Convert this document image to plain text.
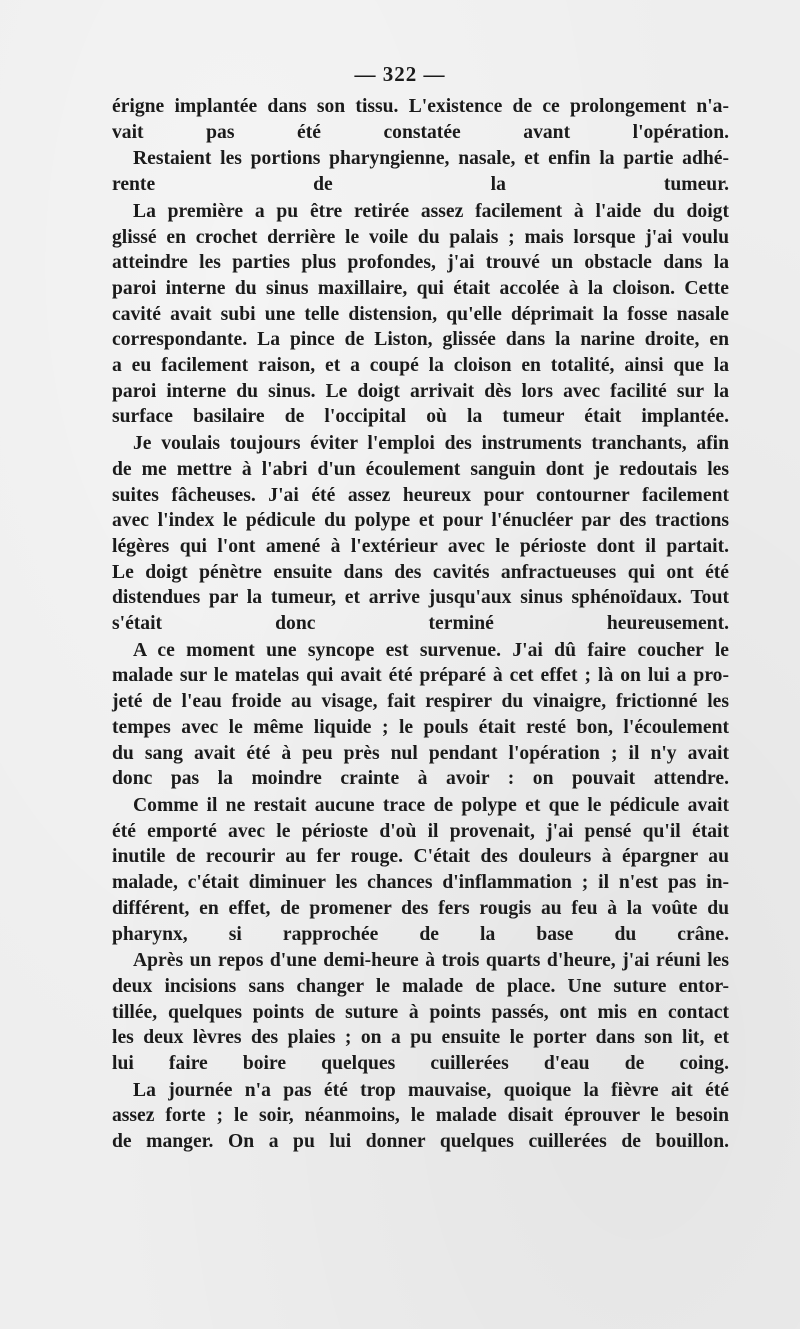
— 322 —
érigne implantée dans son tissu. L'existence de ce prolongement n'a-
vait pas été constatée avant l'opération.
Restaient les portions pharyngienne, nasale, et enfin la partie adhé-
rente de la tumeur.
La première a pu être retirée assez facilement à l'aide du doigt
glissé en crochet derrière le voile du palais ; mais lorsque j'ai voulu
atteindre les parties plus profondes, j'ai trouvé un obstacle dans la
paroi interne du sinus maxillaire, qui était accolée à la cloison. Cette
cavité avait subi une telle distension, qu'elle déprimait la fosse nasale
correspondante. La pince de Liston, glissée dans la narine droite, en
a eu facilement raison, et a coupé la cloison en totalité, ainsi que la
paroi interne du sinus. Le doigt arrivait dès lors avec facilité sur la
surface basilaire de l'occipital où la tumeur était implantée.
Je voulais toujours éviter l'emploi des instruments tranchants, afin
de me mettre à l'abri d'un écoulement sanguin dont je redoutais les
suites fâcheuses. J'ai été assez heureux pour contourner facilement
avec l'index le pédicule du polype et pour l'énucléer par des tractions
légères qui l'ont amené à l'extérieur avec le périoste dont il partait.
Le doigt pénètre ensuite dans des cavités anfractueuses qui ont été
distendues par la tumeur, et arrive jusqu'aux sinus sphénoïdaux. Tout
s'était donc terminé heureusement.
A ce moment une syncope est survenue. J'ai dû faire coucher le
malade sur le matelas qui avait été préparé à cet effet ; là on lui a pro-
jeté de l'eau froide au visage, fait respirer du vinaigre, frictionné les
tempes avec le même liquide ; le pouls était resté bon, l'écoulement
du sang avait été à peu près nul pendant l'opération ; il n'y avait
donc pas la moindre crainte à avoir : on pouvait attendre.
Comme il ne restait aucune trace de polype et que le pédicule avait
été emporté avec le périoste d'où il provenait, j'ai pensé qu'il était
inutile de recourir au fer rouge. C'était des douleurs à épargner au
malade, c'était diminuer les chances d'inflammation ; il n'est pas in-
différent, en effet, de promener des fers rougis au feu à la voûte du
pharynx, si rapprochée de la base du crâne.
Après un repos d'une demi-heure à trois quarts d'heure, j'ai réuni les
deux incisions sans changer le malade de place. Une suture entor-
tillée, quelques points de suture à points passés, ont mis en contact
les deux lèvres des plaies ; on a pu ensuite le porter dans son lit, et
lui faire boire quelques cuillerées d'eau de coing.
La journée n'a pas été trop mauvaise, quoique la fièvre ait été
assez forte ; le soir, néanmoins, le malade disait éprouver le besoin
de manger. On a pu lui donner quelques cuillerées de bouillon.
